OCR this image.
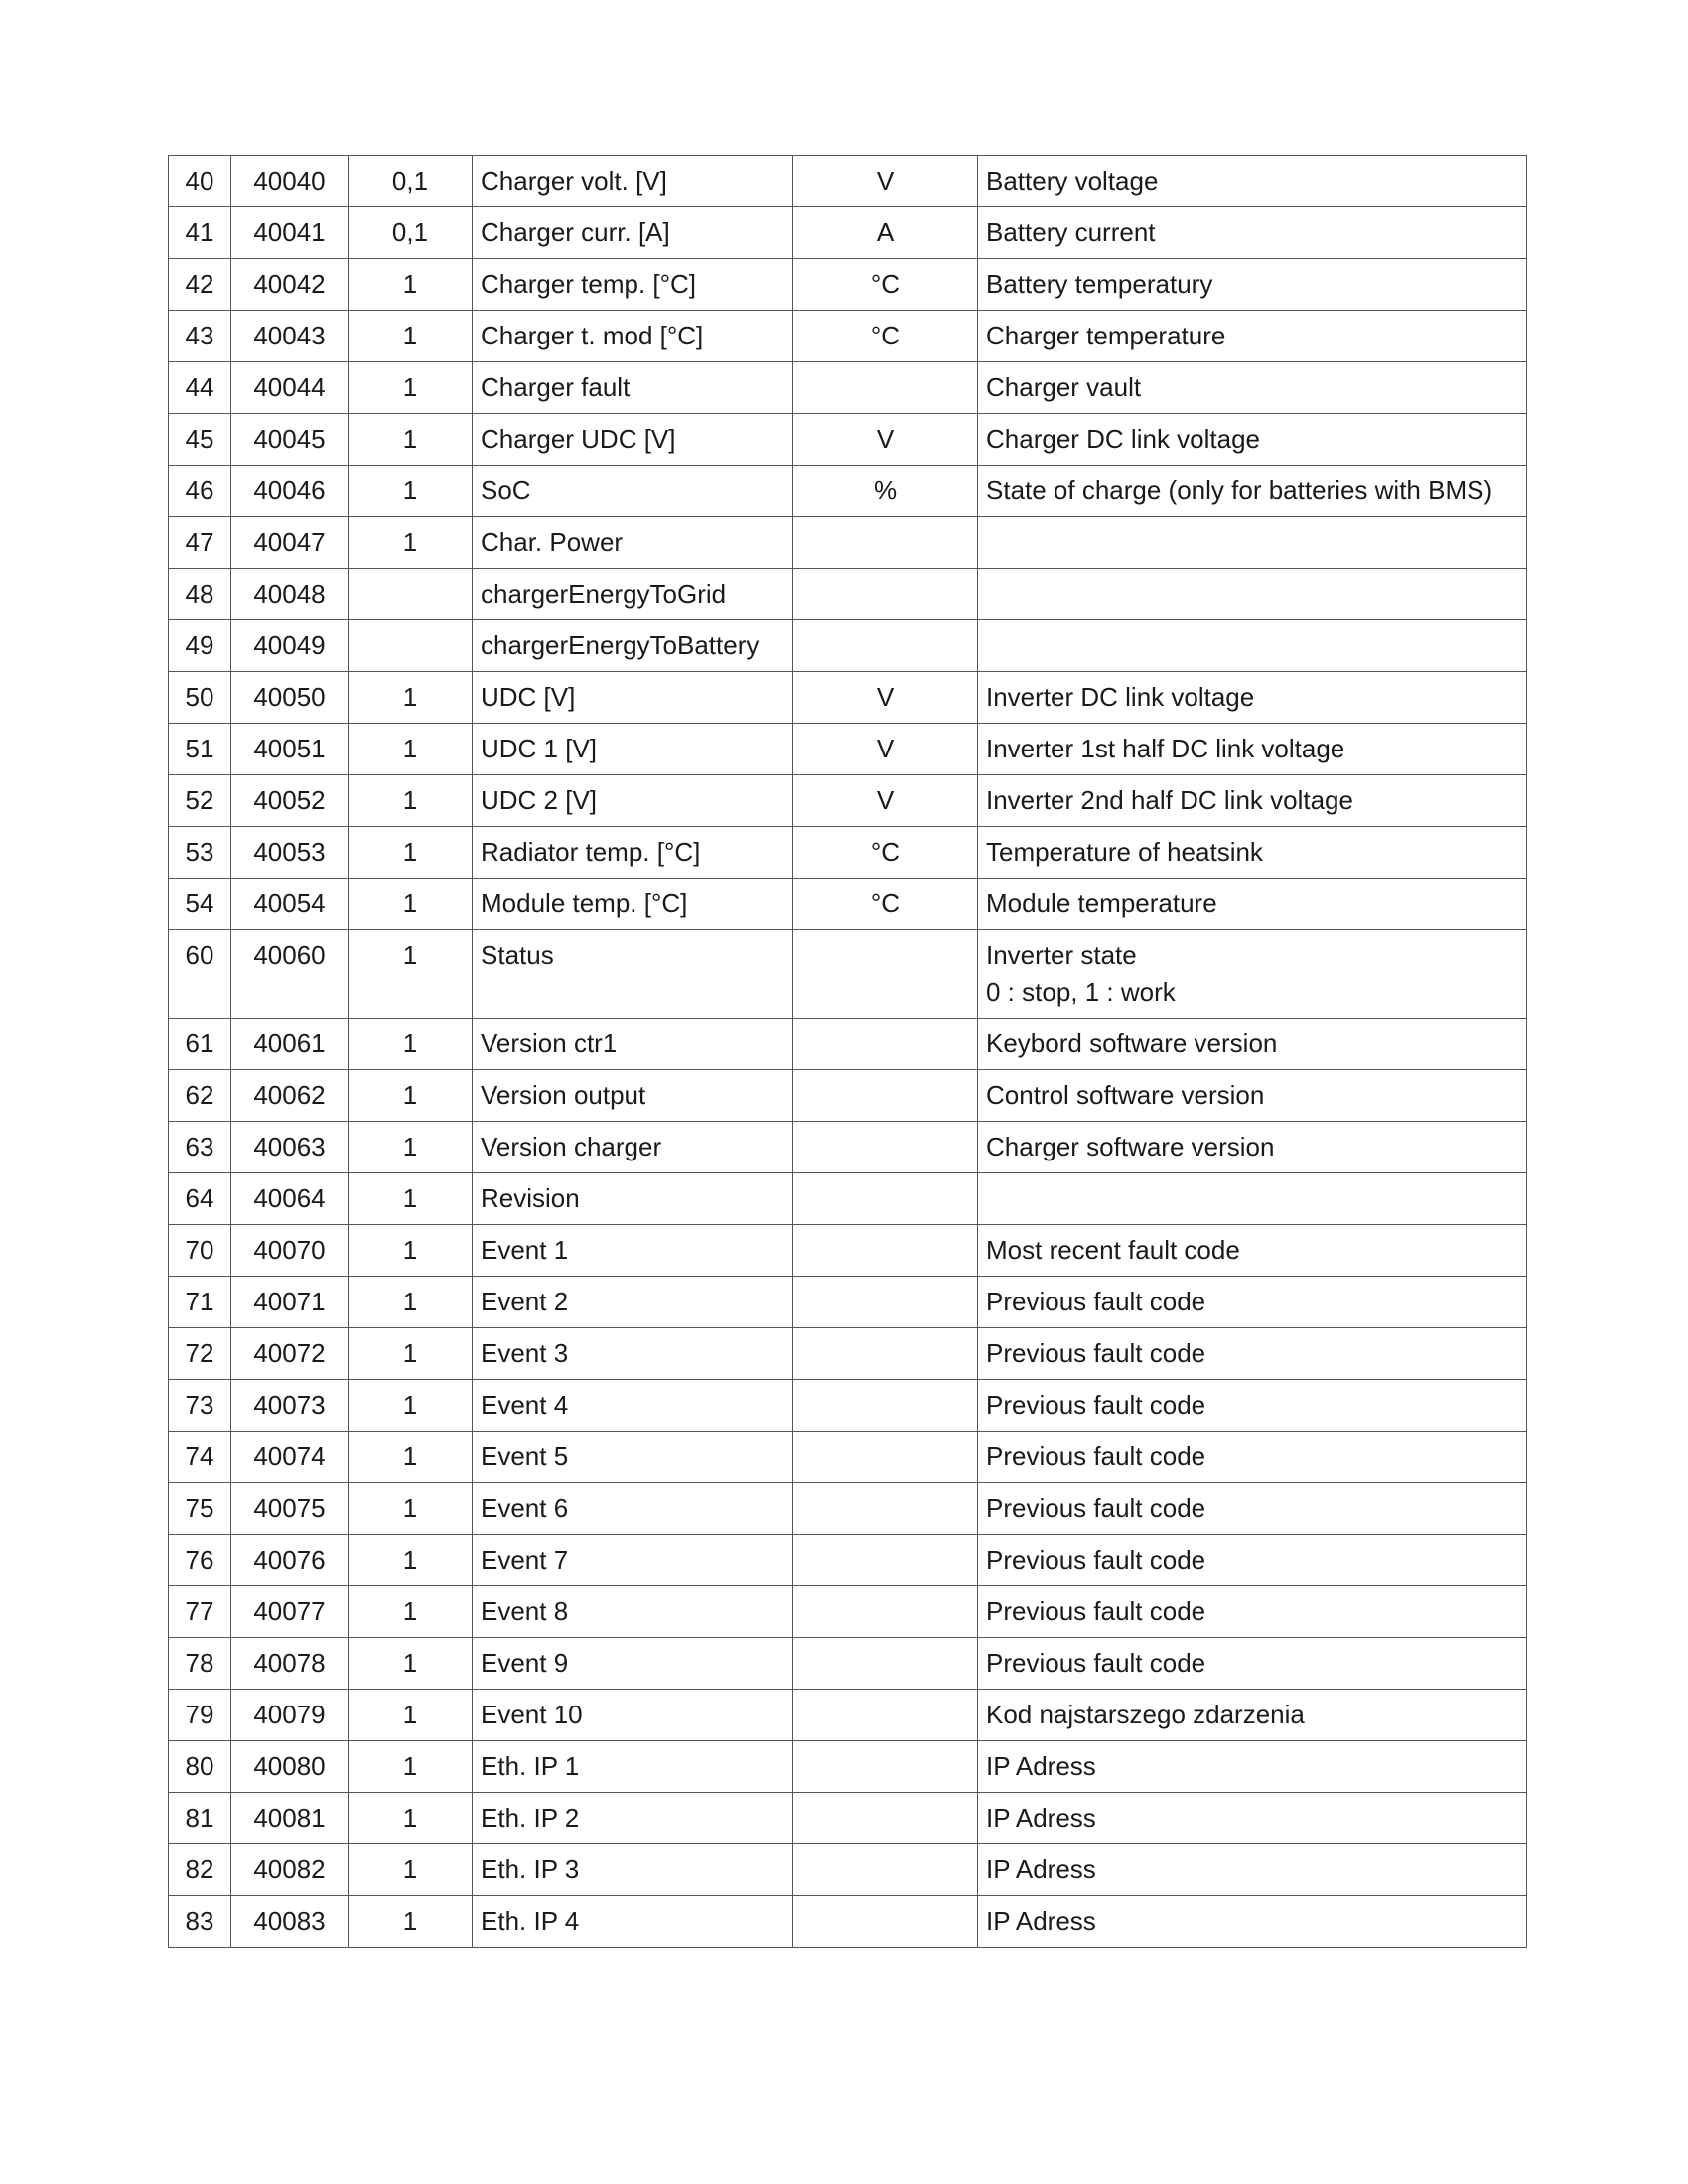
40	40040	0,1	Charger volt. [V]	V	Battery voltage

41	40041	0,1	Charger curr. [A]	A	Battery current

42	40042	1	Charger temp. [°C]	°C	Battery temperatury

43	40043	1	Charger t. mod [°C]	°C	Charger temperature

44	40044	1	Charger fault		Charger vault

45	40045	1	Charger UDC [V]	V	Charger DC link voltage

46	40046	1	SoC	%	State of charge (only for batteries with BMS)

47	40047	1	Char. Power		

48	40048		chargerEnergyToGrid		

49	40049		chargerEnergyToBattery		

50	40050	1	UDC [V]	V	Inverter DC link voltage

51	40051	1	UDC 1 [V]	V	Inverter 1st half DC link voltage

52	40052	1	UDC 2 [V]	V	Inverter 2nd half DC link voltage

53	40053	1	Radiator temp. [°C]	°C	Temperature of heatsink

54	40054	1	Module temp. [°C]	°C	Module temperature

60	40060	1	Status		Inverter state
0 : stop, 1 : work

61	40061	1	Version ctr1		Keybord software version

62	40062	1	Version output		Control software version

63	40063	1	Version charger		Charger software version

64	40064	1	Revision		

70	40070	1	Event 1		Most recent fault code

71	40071	1	Event 2		Previous fault code

72	40072	1	Event 3		Previous fault code

73	40073	1	Event 4		Previous fault code

74	40074	1	Event 5		Previous fault code

75	40075	1	Event 6		Previous fault code

76	40076	1	Event 7		Previous fault code

77	40077	1	Event 8		Previous fault code

78	40078	1	Event 9		Previous fault code

79	40079	1	Event 10		Kod najstarszego zdarzenia

80	40080	1	Eth. IP 1		IP Adress

81	40081	1	Eth. IP 2		IP Adress

82	40082	1	Eth. IP 3		IP Adress

83	40083	1	Eth. IP 4		IP Adress
